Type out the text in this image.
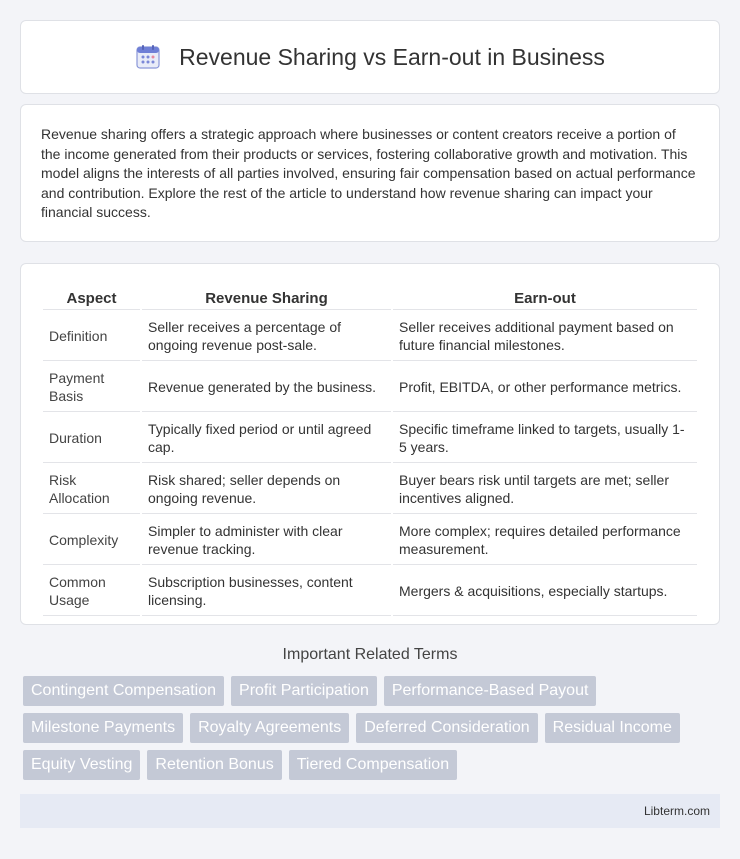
Revenue Sharing vs Earn-out in Business

Revenue sharing offers a strategic approach where businesses or content creators receive a portion of the income generated from their products or services, fostering collaborative growth and motivation. This model aligns the interests of all parties involved, ensuring fair compensation based on actual performance and contribution. Explore the rest of the article to understand how revenue sharing can impact your financial success.

Aspect	Revenue Sharing	Earn-out
Definition	Seller receives a percentage of ongoing revenue post-sale.	Seller receives additional payment based on future financial milestones.
Payment Basis	Revenue generated by the business.	Profit, EBITDA, or other performance metrics.
Duration	Typically fixed period or until agreed cap.	Specific timeframe linked to targets, usually 1-5 years.
Risk Allocation	Risk shared; seller depends on ongoing revenue.	Buyer bears risk until targets are met; seller incentives aligned.
Complexity	Simpler to administer with clear revenue tracking.	More complex; requires detailed performance measurement.
Common Usage	Subscription businesses, content licensing.	Mergers & acquisitions, especially startups.
Important Related Terms
Contingent Compensation	Profit Participation	Performance-Based Payout
Milestone Payments	Royalty Agreements	Deferred Consideration	Residual Income
Equity Vesting	Retention Bonus	Tiered Compensation
Libterm.com
